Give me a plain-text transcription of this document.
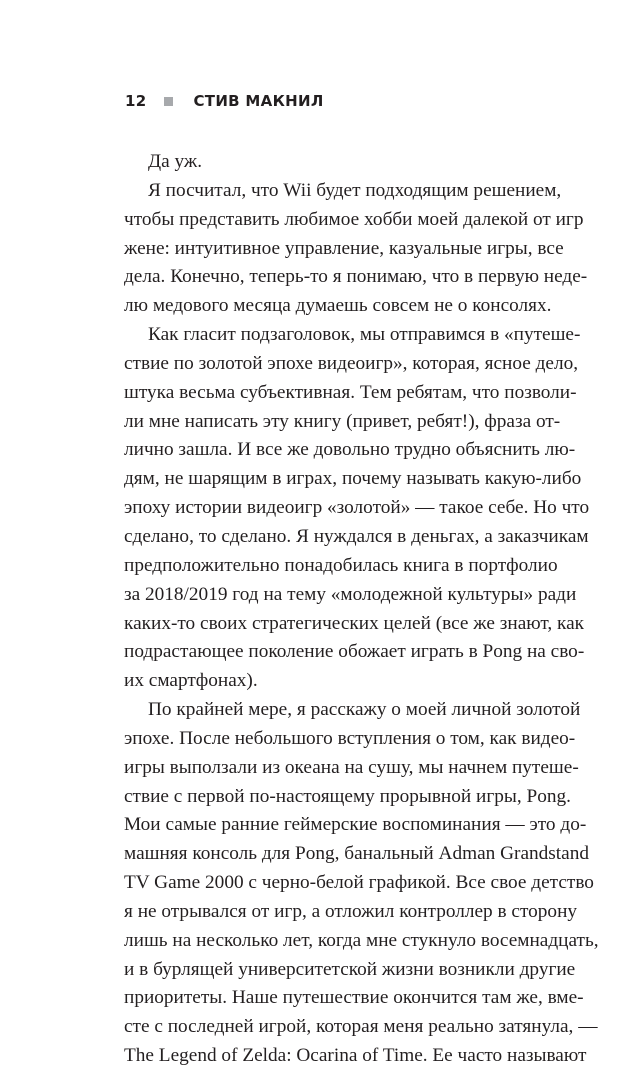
12	СТИВ МАКНИЛ
Да уж.
Я посчитал, что Wii будет подходящим решением,
чтобы представить любимое хобби моей далекой от игр
жене: интуитивное управление, казуальные игры, все
дела. Конечно, теперь-то я понимаю, что в первую неде-
лю медового месяца думаешь совсем не о консолях.
Как гласит подзаголовок, мы отправимся в «путеше-
ствие по золотой эпохе видеоигр», которая, ясное дело,
штука весьма субъективная. Тем ребятам, что позволи-
ли мне написать эту книгу (привет, ребят!), фраза от-
лично зашла. И все же довольно трудно объяснить лю-
дям, не шарящим в играх, почему называть какую-либо
эпоху истории видеоигр «золотой» — такое себе. Но что
сделано, то сделано. Я нуждался в деньгах, а заказчикам
предположительно понадобилась книга в портфолио
за 2018/2019 год на тему «молодежной культуры» ради
каких-то своих стратегических целей (все же знают, как
подрастающее поколение обожает играть в Pong на сво-
их смартфонах).
По крайней мере, я расскажу о моей личной золотой
эпохе. После небольшого вступления о том, как видео-
игры выползали из океана на сушу, мы начнем путеше-
ствие с первой по-настоящему прорывной игры, Pong.
Мои самые ранние геймерские воспоминания — это до-
машняя консоль для Pong, банальный Adman Grandstand
TV Game 2000 с черно-белой графикой. Все свое детство
я не отрывался от игр, а отложил контроллер в сторону
лишь на несколько лет, когда мне стукнуло восемнадцать,
и в бурлящей университетской жизни возникли другие
приоритеты. Наше путешествие окончится там же, вме-
сте с последней игрой, которая меня реально затянула, —
The Legend of Zelda: Ocarina of Time. Ее часто называют
